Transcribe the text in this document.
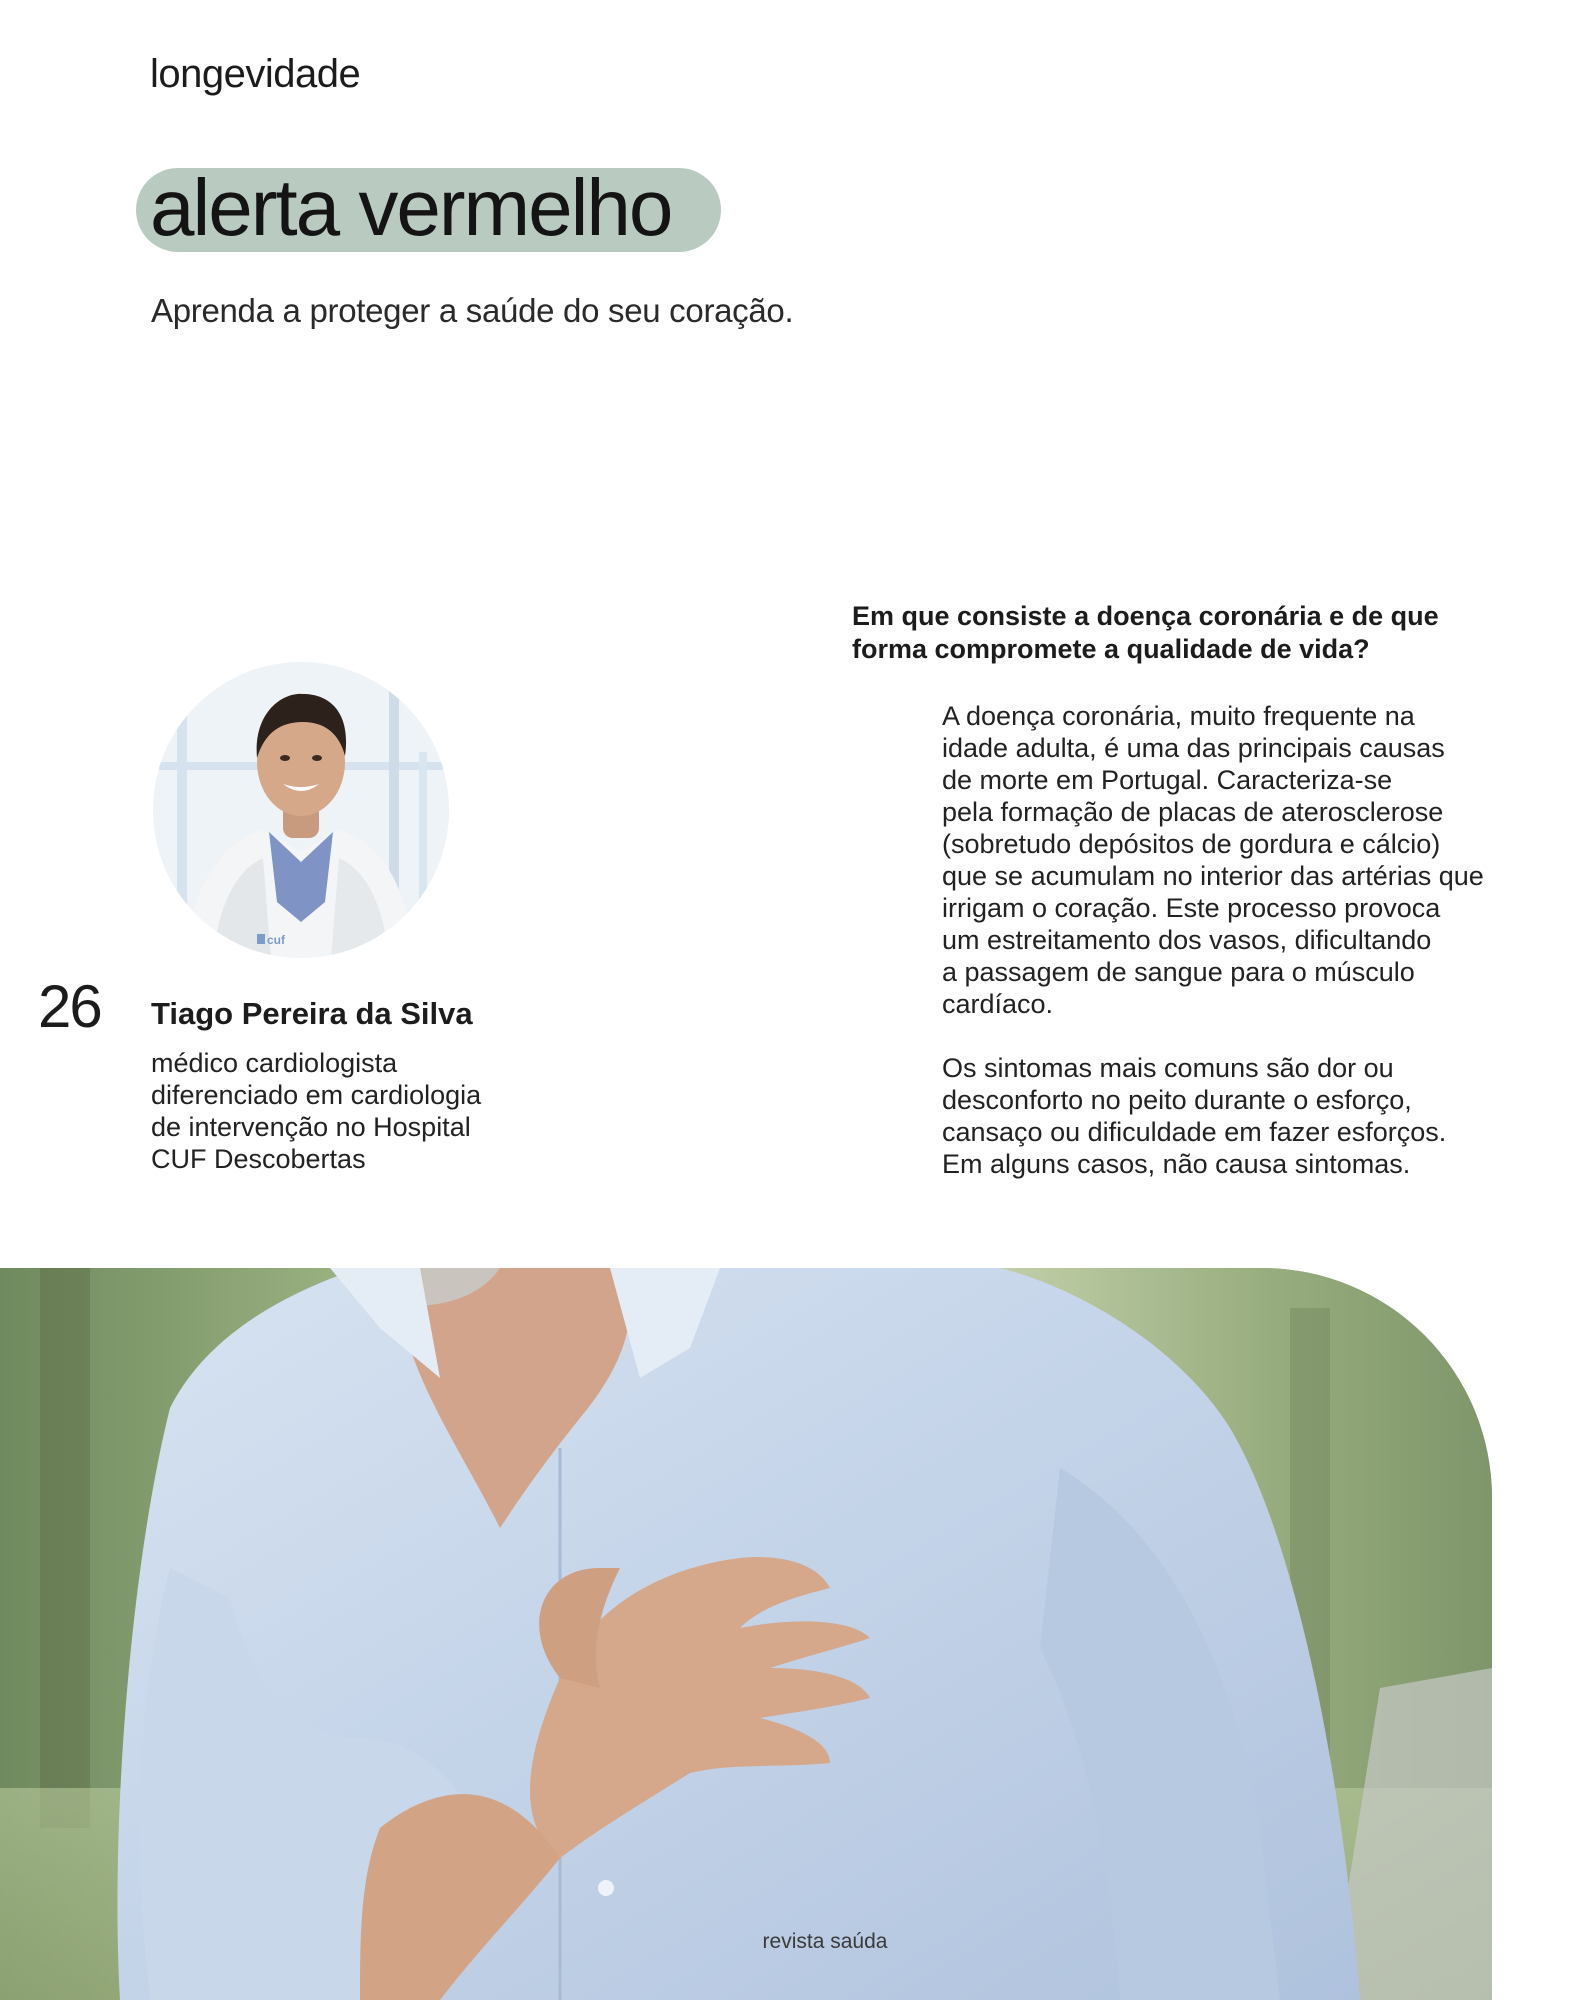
longevidade
alerta vermelho
Aprenda a proteger a saúde do seu coração.
cuf
26 Tiago Pereira da Silva
médico cardiologista
diferenciado em cardiologia
de intervenção no Hospital
CUF Descobertas
Em que consiste a doença coronária e de que
forma compromete a qualidade de vida?
A doença coronária, muito frequente na
idade adulta, é uma das principais causas
de morte em Portugal. Caracteriza-se
pela formação de placas de aterosclerose
(sobretudo depósitos de gordura e cálcio)
que se acumulam no interior das artérias que
irrigam o coração. Este processo provoca
um estreitamento dos vasos, dificultando
a passagem de sangue para o músculo
cardíaco.
Os sintomas mais comuns são dor ou
desconforto no peito durante o esforço,
cansaço ou dificuldade em fazer esforços.
Em alguns casos, não causa sintomas.
revista saúda
